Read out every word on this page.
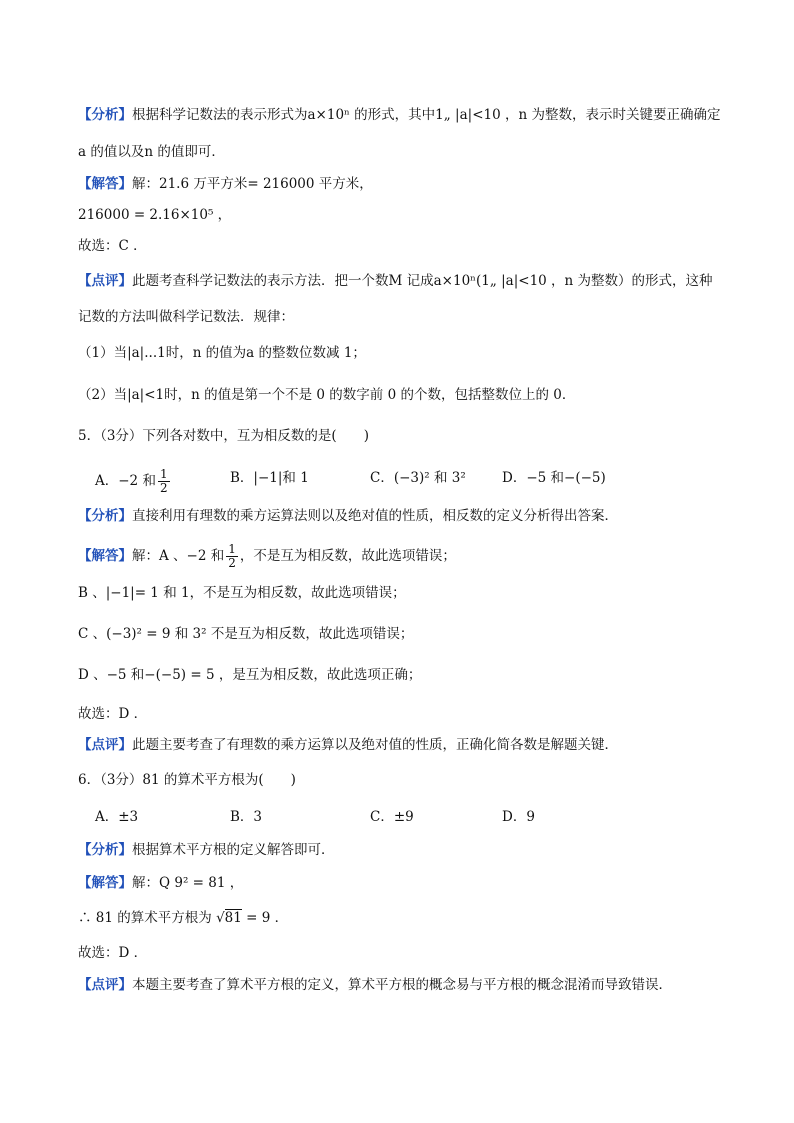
【分析】根据科学记数法的表示形式为a×10ⁿ 的形式，其中1„ |a|<10 ，n 为整数，表示时关键要正确确定
a 的值以及n 的值即可．
【解答】解：21.6 万平方米= 216000 平方米，
216000 = 2.16×10⁵ ，
故选：C ．
【点评】此题考查科学记数法的表示方法．把一个数M 记成a×10ⁿ(1„ |a|<10 ，n 为整数）的形式，这种
记数的方法叫做科学记数法．规律：
（1）当|a|...1时，n 的值为a 的整数位数减 1；
（2）当|a|<1时，n 的值是第一个不是 0 的数字前 0 的个数，包括整数位上的 0．
5．（3分）下列各对数中，互为相反数的是(　　)
A．−2 和 $\frac{1}{2}$	B．|−1|和 1	C．(−3)² 和 3²	D．−5 和−(−5)
【分析】直接利用有理数的乘方运算法则以及绝对值的性质，相反数的定义分析得出答案．
【解答】解：A 、−2 和 $\frac{1}{2}$ ，不是互为相反数，故此选项错误；
B 、|−1|= 1 和 1，不是互为相反数，故此选项错误；
C 、(−3)² = 9 和 3² 不是互为相反数，故此选项错误；
D 、−5 和−(−5) = 5 ，是互为相反数，故此选项正确；
故选：D ．
【点评】此题主要考查了有理数的乘方运算以及绝对值的性质，正确化简各数是解题关键．
6．（3分）81 的算术平方根为(　　)
A．±3	B．3	C．±9	D．9
【分析】根据算术平方根的定义解答即可．
【解答】解：Q 9² = 81 ，
∴ 81 的算术平方根为 √81 = 9 ．
故选：D ．
【点评】本题主要考查了算术平方根的定义，算术平方根的概念易与平方根的概念混淆而导致错误．
